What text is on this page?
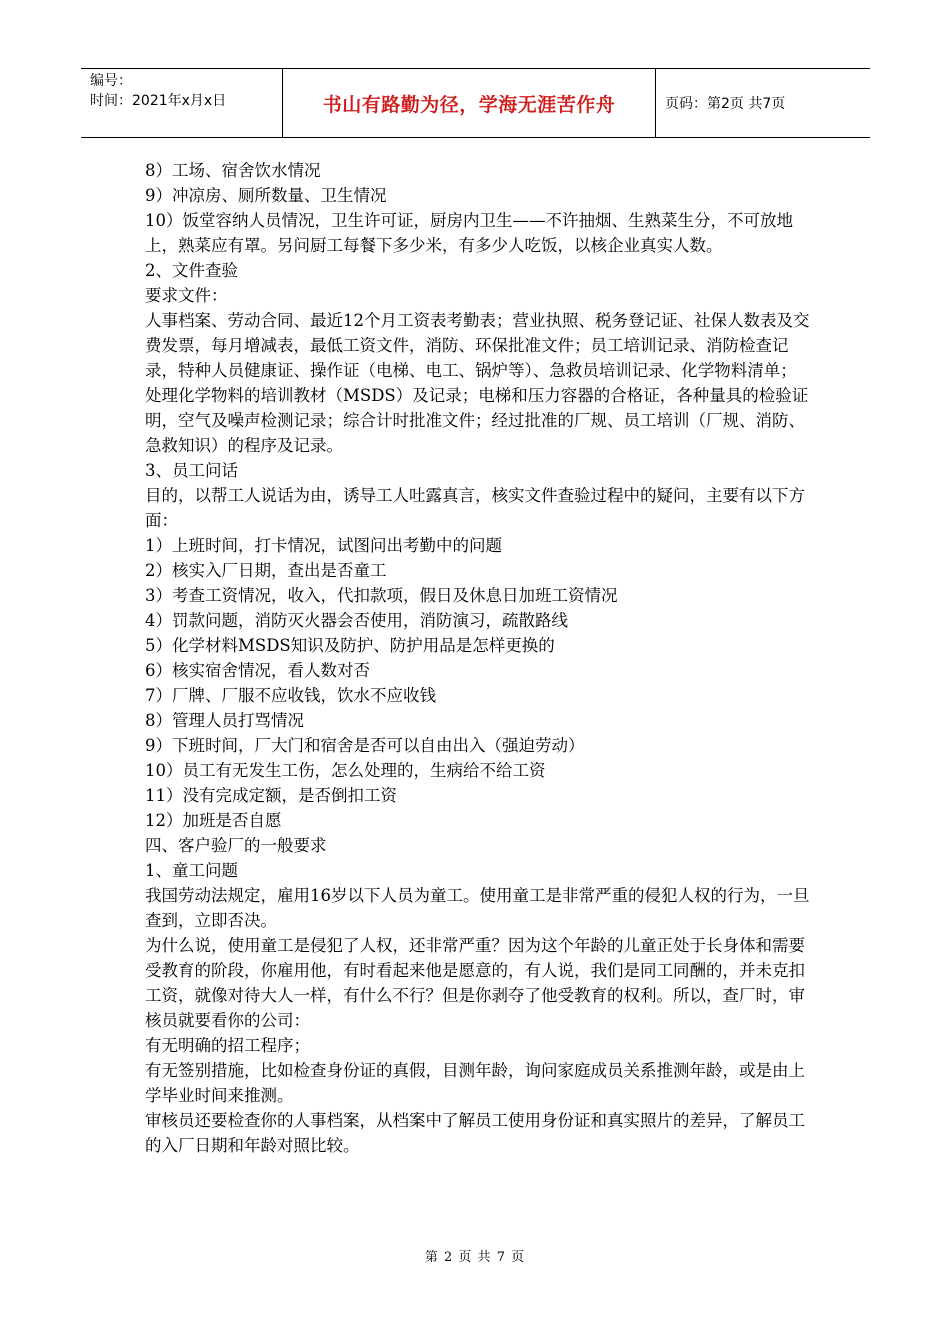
编号：
时间：2021年x月x日	书山有路勤为径，学海无涯苦作舟	页码：第2页 共7页

8）工场、宿舍饮水情况

9）冲凉房、厕所数量、卫生情况

10）饭堂容纳人员情况，卫生许可证，厨房内卫生——不许抽烟、生熟菜生分，不可放地上，熟菜应有罩。另问厨工每餐下多少米，有多少人吃饭，以核企业真实人数。

2、文件查验

要求文件：

人事档案、劳动合同、最近12个月工资表考勤表；营业执照、税务登记证、社保人数表及交费发票，每月增减表，最低工资文件，消防、环保批准文件；员工培训记录、消防检查记录，特种人员健康证、操作证（电梯、电工、锅炉等）、急救员培训记录、化学物料清单；处理化学物料的培训教材（MSDS）及记录；电梯和压力容器的合格证，各种量具的检验证明，空气及噪声检测记录；综合计时批准文件；经过批准的厂规、员工培训（厂规、消防、急救知识）的程序及记录。

3、员工问话

目的，以帮工人说话为由，诱导工人吐露真言，核实文件查验过程中的疑问，主要有以下方面：

1）上班时间，打卡情况，试图问出考勤中的问题

2）核实入厂日期，查出是否童工

3）考查工资情况，收入，代扣款项，假日及休息日加班工资情况

4）罚款问题，消防灭火器会否使用，消防演习，疏散路线

5）化学材料MSDS知识及防护、防护用品是怎样更换的

6）核实宿舍情况，看人数对否

7）厂牌、厂服不应收钱，饮水不应收钱

8）管理人员打骂情况

9）下班时间，厂大门和宿舍是否可以自由出入（强迫劳动）

10）员工有无发生工伤，怎么处理的，生病给不给工资

11）没有完成定额，是否倒扣工资

12）加班是否自愿

四、客户验厂的一般要求

1、童工问题

我国劳动法规定，雇用16岁以下人员为童工。使用童工是非常严重的侵犯人权的行为，一旦查到，立即否决。

为什么说，使用童工是侵犯了人权，还非常严重？因为这个年龄的儿童正处于长身体和需要受教育的阶段，你雇用他，有时看起来他是愿意的，有人说，我们是同工同酬的，并未克扣工资，就像对待大人一样，有什么不行？但是你剥夺了他受教育的权利。所以，查厂时，审核员就要看你的公司：

有无明确的招工程序；

有无签别措施，比如检查身份证的真假，目测年龄，询问家庭成员关系推测年龄，或是由上学毕业时间来推测。

审核员还要检查你的人事档案，从档案中了解员工使用身份证和真实照片的差异，了解员工的入厂日期和年龄对照比较。

第 2 页 共 7 页
